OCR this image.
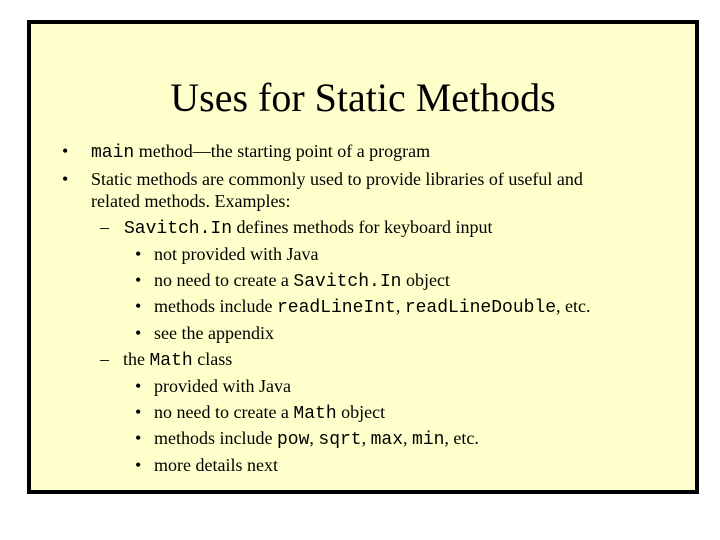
Uses for Static Methods
• main method—the starting point of a program
• Static methods are commonly used to provide libraries of useful and
related methods. Examples:
– Savitch.In defines methods for keyboard input
• not provided with Java
• no need to create a Savitch.In object
• methods include readLineInt, readLineDouble, etc.
• see the appendix
– the Math class
• provided with Java
• no need to create a Math object
• methods include pow, sqrt, max, min, etc.
• more details next
